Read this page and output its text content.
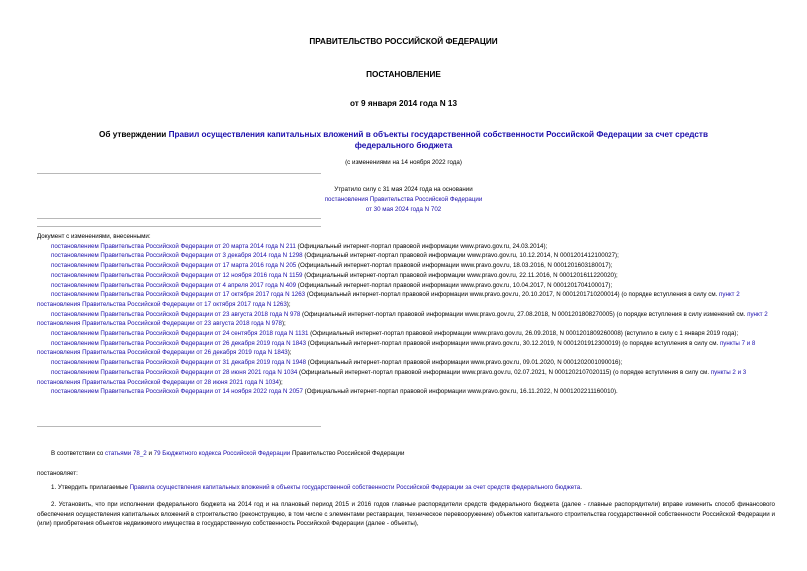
ПРАВИТЕЛЬСТВО РОССИЙСКОЙ ФЕДЕРАЦИИ
ПОСТАНОВЛЕНИЕ
от 9 января 2014 года N 13
Об утверждении Правил осуществления капитальных вложений в объекты государственной собственности Российской Федерации за счет средств федерального бюджета
(с изменениями на 14 ноября 2022 года)
Утратило силу с 31 мая 2024 года на основании
постановления Правительства Российской Федерации
от 30 мая 2024 года N 702

Документ с изменениями, внесенными:

постановлением Правительства Российской Федерации от 20 марта 2014 года N 211 (Официальный интернет-портал правовой информации www.pravo.gov.ru, 24.03.2014);

постановлением Правительства Российской Федерации от 3 декабря 2014 года N 1298 (Официальный интернет-портал правовой информации www.pravo.gov.ru, 10.12.2014, N 0001201412100027);

постановлением Правительства Российской Федерации от 17 марта 2016 года N 205 (Официальный интернет-портал правовой информации www.pravo.gov.ru, 18.03.2016, N 0001201603180017);

постановлением Правительства Российской Федерации от 12 ноября 2016 года N 1159 (Официальный интернет-портал правовой информации www.pravo.gov.ru, 22.11.2016, N 0001201611220020);

постановлением Правительства Российской Федерации от 4 апреля 2017 года N 409 (Официальный интернет-портал правовой информации www.pravo.gov.ru, 10.04.2017, N 0001201704100017);

постановлением Правительства Российской Федерации от 17 октября 2017 года N 1263 (Официальный интернет-портал правовой информации www.pravo.gov.ru, 20.10.2017, N 0001201710200014) (о порядке вступления в силу см. пункт 2 постановления Правительства Российской Федерации от 17 октября 2017 года N 1263);

постановлением Правительства Российской Федерации от 23 августа 2018 года N 978 (Официальный интернет-портал правовой информации www.pravo.gov.ru, 27.08.2018, N 0001201808270005) (о порядке вступления в силу изменений см. пункт 2 постановления Правительства Российской Федерации от 23 августа 2018 года N 978);

постановлением Правительства Российской Федерации от 24 сентября 2018 года N 1131 (Официальный интернет-портал правовой информации www.pravo.gov.ru, 26.09.2018, N 0001201809260008) (вступило в силу с 1 января 2019 года);

постановлением Правительства Российской Федерации от 26 декабря 2019 года N 1843 (Официальный интернет-портал правовой информации www.pravo.gov.ru, 30.12.2019, N 0001201912300019) (о порядке вступления в силу см. пункты 7 и 8 постановления Правительства Российской Федерации от 26 декабря 2019 года N 1843);

постановлением Правительства Российской Федерации от 31 декабря 2019 года N 1948 (Официальный интернет-портал правовой информации www.pravo.gov.ru, 09.01.2020, N 0001202001090016);

постановлением Правительства Российской Федерации от 28 июня 2021 года N 1034 (Официальный интернет-портал правовой информации www.pravo.gov.ru, 02.07.2021, N 0001202107020115) (о порядке вступления в силу см. пункты 2 и 3 постановления Правительства Российской Федерации от 28 июня 2021 года N 1034);

постановлением Правительства Российской Федерации от 14 ноября 2022 года N 2057 (Официальный интернет-портал правовой информации www.pravo.gov.ru, 16.11.2022, N 0001202211160010).

В соответствии со статьями 78_2 и 79 Бюджетного кодекса Российской Федерации Правительство Российской Федерации

постановляет:

1. Утвердить прилагаемые Правила осуществления капитальных вложений в объекты государственной собственности Российской Федерации за счет средств федерального бюджета.

2. Установить, что при исполнении федерального бюджета на 2014 год и на плановый период 2015 и 2016 годов главные распорядители средств федерального бюджета (далее - главные распорядители) вправе изменить способ финансового обеспечения осуществления капитальных вложений в строительство (реконструкцию, в том числе с элементами реставрации, техническое перевооружение) объектов капитального строительства государственной собственности Российской Федерации и (или) приобретения объектов недвижимого имущества в государственную собственность Российской Федерации (далее - объекты),
